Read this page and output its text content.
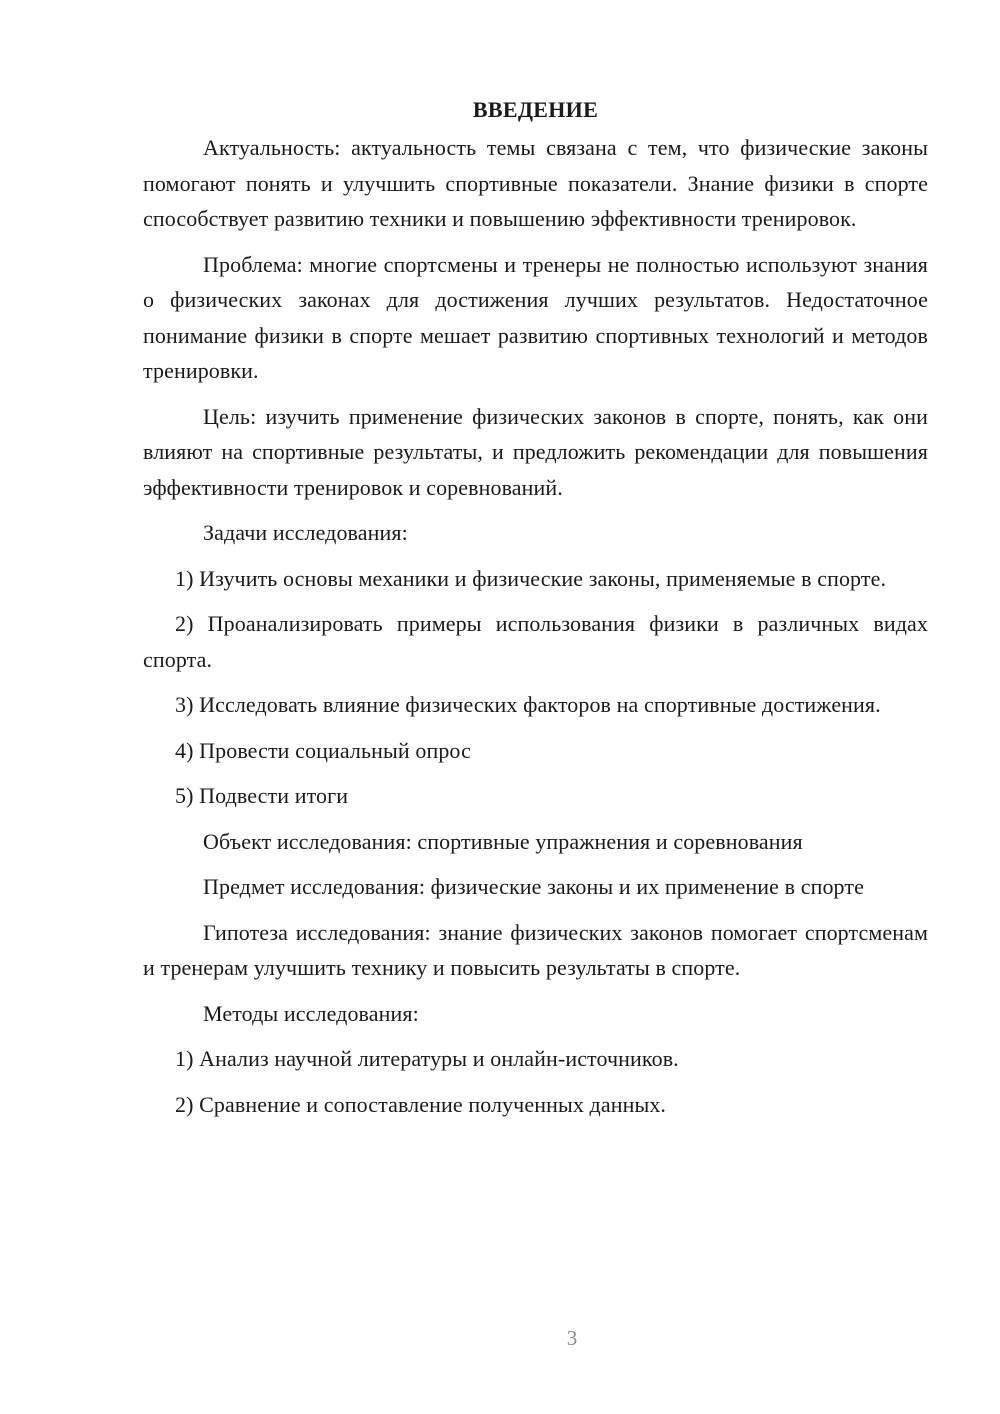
ВВЕДЕНИЕ

Актуальность: актуальность темы связана с тем, что физические законы помогают понять и улучшить спортивные показатели. Знание физики в спорте способствует развитию техники и повышению эффективности тренировок.

Проблема: многие спортсмены и тренеры не полностью используют знания о физических законах для достижения лучших результатов. Недостаточное понимание физики в спорте мешает развитию спортивных технологий и методов тренировки.

Цель: изучить применение физических законов в спорте, понять, как они влияют на спортивные результаты, и предложить рекомендации для повышения эффективности тренировок и соревнований.

Задачи исследования:

1) Изучить основы механики и физические законы, применяемые в спорте.

2) Проанализировать примеры использования физики в различных видах спорта.

3) Исследовать влияние физических факторов на спортивные достижения.

4) Провести социальный опрос

5) Подвести итоги

Объект исследования: спортивные упражнения и соревнования

Предмет исследования: физические законы и их применение в спорте

Гипотеза исследования: знание физических законов помогает спортсменам и тренерам улучшить технику и повысить результаты в спорте.

Методы исследования:

1) Анализ научной литературы и онлайн-источников.

2) Сравнение и сопоставление полученных данных.

3
